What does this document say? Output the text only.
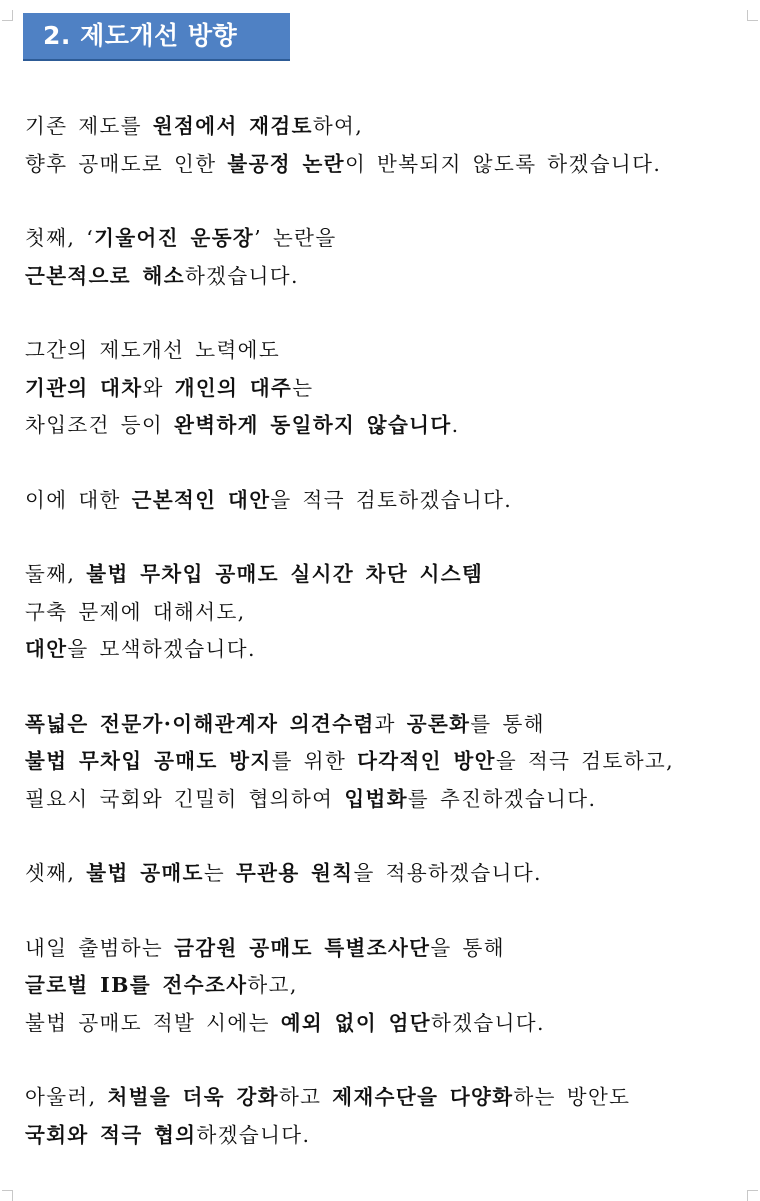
2. 제도개선 방향
기존 제도를 원점에서 재검토하여,
향후 공매도로 인한 불공정 논란이 반복되지 않도록 하겠습니다.
첫째, ‘기울어진 운동장’ 논란을
근본적으로 해소하겠습니다.
그간의 제도개선 노력에도
기관의 대차와 개인의 대주는
차입조건 등이 완벽하게 동일하지 않습니다.
이에 대한 근본적인 대안을 적극 검토하겠습니다.
둘째, 불법 무차입 공매도 실시간 차단 시스템
구축 문제에 대해서도,
대안을 모색하겠습니다.
폭넓은 전문가·이해관계자 의견수렴과 공론화를 통해
불법 무차입 공매도 방지를 위한 다각적인 방안을 적극 검토하고,
필요시 국회와 긴밀히 협의하여 입법화를 추진하겠습니다.
셋째, 불법 공매도는 무관용 원칙을 적용하겠습니다.
내일 출범하는 금감원 공매도 특별조사단을 통해
글로벌 IB를 전수조사하고,
불법 공매도 적발 시에는 예외 없이 엄단하겠습니다.
아울러, 처벌을 더욱 강화하고 제재수단을 다양화하는 방안도
국회와 적극 협의하겠습니다.
